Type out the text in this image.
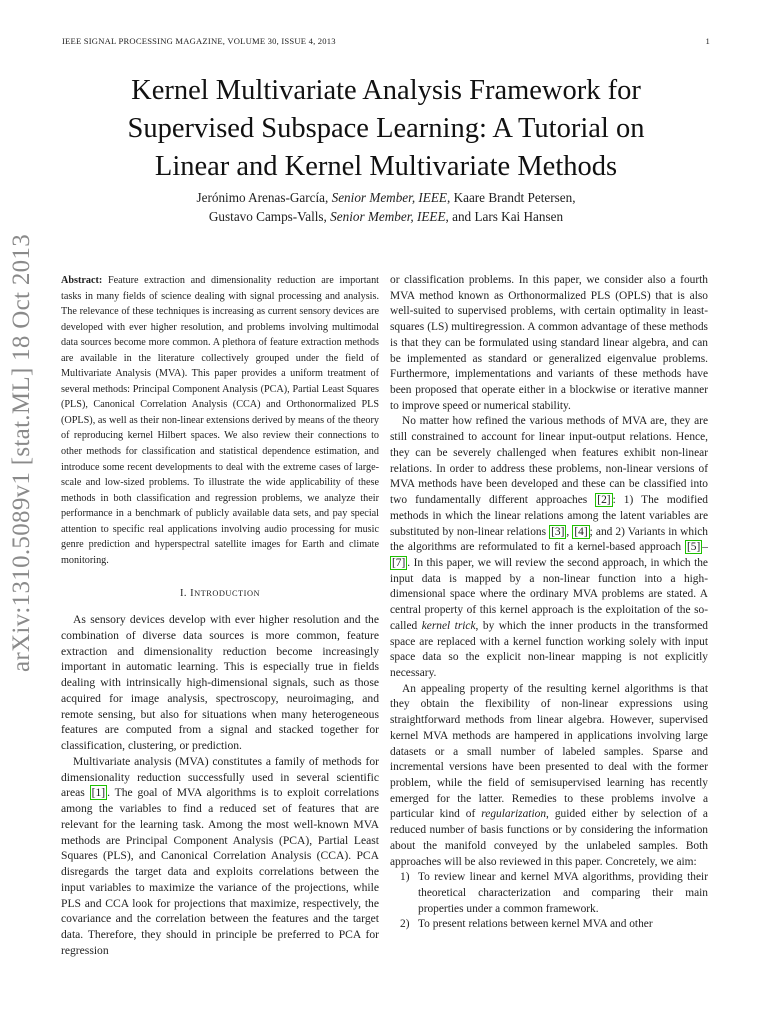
IEEE SIGNAL PROCESSING MAGAZINE, VOLUME 30, ISSUE 4, 2013	1
Kernel Multivariate Analysis Framework for
Supervised Subspace Learning: A Tutorial on
Linear and Kernel Multivariate Methods
Jerónimo Arenas-García, Senior Member, IEEE, Kaare Brandt Petersen,
Gustavo Camps-Valls, Senior Member, IEEE, and Lars Kai Hansen
arXiv:1310.5089v1 [stat.ML] 18 Oct 2013	Abstract: Feature extraction and dimensionality reduction are important tasks in many fields of science dealing with signal processing and analysis. The relevance of these techniques is increasing as current sensory devices are developed with ever higher resolution, and problems involving multimodal data sources become more common. A plethora of feature extraction methods are available in the literature collectively grouped under the field of Multivariate Analysis (MVA). This paper provides a uniform treatment of several methods: Principal Component Analysis (PCA), Partial Least Squares (PLS), Canonical Correlation Analysis (CCA) and Orthonormalized PLS (OPLS), as well as their non-linear extensions derived by means of the theory of reproducing kernel Hilbert spaces. We also review their connections to other methods for classification and statistical dependence estimation, and introduce some recent developments to deal with the extreme cases of large-scale and low-sized problems. To illustrate the wide applicability of these methods in both classification and regression problems, we analyze their performance in a benchmark of publicly available data sets, and pay special attention to specific real applications involving audio processing for music genre prediction and hyperspectral satellite images for Earth and climate monitoring.

I. INTRODUCTION

As sensory devices develop with ever higher resolution and the combination of diverse data sources is more common, feature extraction and dimensionality reduction become increasingly important in automatic learning. This is especially true in fields dealing with intrinsically high-dimensional signals, such as those acquired for image analysis, spectroscopy, neuroimaging, and remote sensing, but also for situations when many heterogeneous features are computed from a signal and stacked together for classification, clustering, or prediction.

Multivariate analysis (MVA) constitutes a family of methods for dimensionality reduction successfully used in several scientific areas [1] . The goal of MVA algorithms is to exploit correlations among the variables to find a reduced set of features that are relevant for the learning task. Among the most well-known MVA methods are Principal Component Analysis (PCA), Partial Least Squares (PLS), and Canonical Correlation Analysis (CCA). PCA disregards the target data and exploits correlations between the input variables to maximize the variance of the projections, while PLS and CCA look for projections that maximize, respectively, the covariance and the correlation between the features and the target data. Therefore, they should in principle be preferred to PCA for regression

or classification problems. In this paper, we consider also a fourth MVA method known as Orthonormalized PLS (OPLS) that is also well-suited to supervised problems, with certain optimality in least-squares (LS) multiregression. A common advantage of these methods is that they can be formulated using standard linear algebra, and can be implemented as standard or generalized eigenvalue problems. Furthermore, implementations and variants of these methods have been proposed that operate either in a blockwise or iterative manner to improve speed or numerical stability.

No matter how refined the various methods of MVA are, they are still constrained to account for linear input-output relations. Hence, they can be severely challenged when features exhibit non-linear relations. In order to address these problems, non-linear versions of MVA methods have been developed and these can be classified into two fundamentally different approaches [2] : 1) The modified methods in which the linear relations among the latent variables are substituted by non-linear relations [3] , [4] ; and 2) Variants in which the algorithms are reformulated to fit a kernel-based approach [5] –[7] . In this paper, we will review the second approach, in which the input data is mapped by a non-linear function into a high-dimensional space where the ordinary MVA problems are stated. A central property of this kernel approach is the exploitation of the so-called kernel trick, by which the inner products in the transformed space are replaced with a kernel function working solely with input space data so the explicit non-linear mapping is not explicitly necessary.

An appealing property of the resulting kernel algorithms is that they obtain the flexibility of non-linear expressions using straightforward methods from linear algebra. However, supervised kernel MVA methods are hampered in applications involving large datasets or a small number of labeled samples. Sparse and incremental versions have been presented to deal with the former problem, while the field of semisupervised learning has recently emerged for the latter. Remedies to these problems involve a particular kind of regularization, guided either by selection of a reduced number of basis functions or by considering the information about the manifold conveyed by the unlabeled samples. Both approaches will be also reviewed in this paper. Concretely, we aim:

1) To review linear and kernel MVA algorithms, providing their theoretical characterization and comparing their main properties under a common framework.
2) To present relations between kernel MVA and other
